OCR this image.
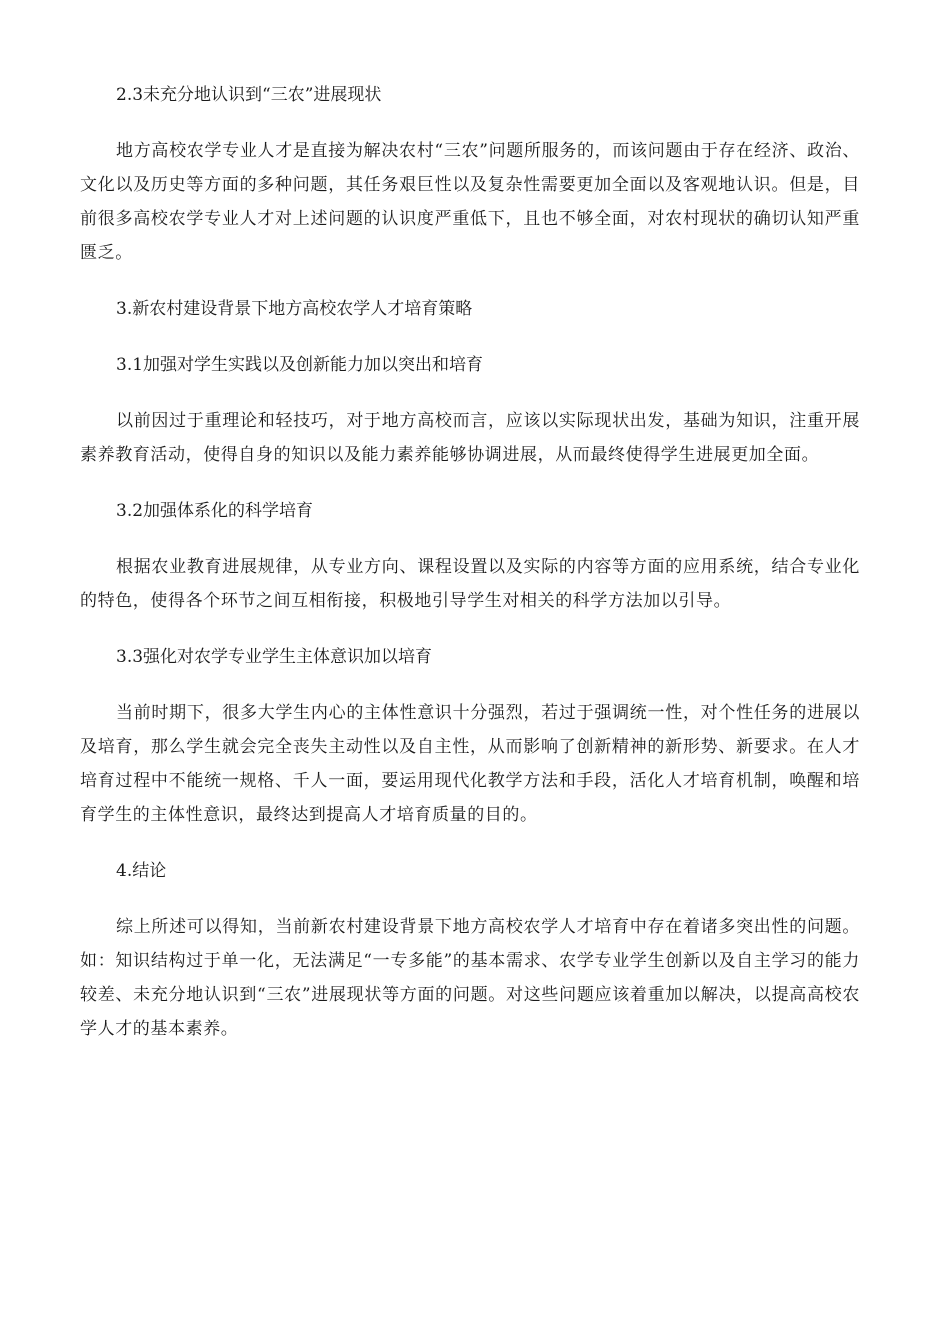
2.3未充分地认识到“三农”进展现状

地方高校农学专业人才是直接为解决农村“三农”问题所服务的，而该问题由于存在经济、政治、文化以及历史等方面的多种问题，其任务艰巨性以及复杂性需要更加全面以及客观地认识。但是，目前很多高校农学专业人才对上述问题的认识度严重低下，且也不够全面，对农村现状的确切认知严重匮乏。

3.新农村建设背景下地方高校农学人才培育策略

3.1加强对学生实践以及创新能力加以突出和培育

以前因过于重理论和轻技巧，对于地方高校而言，应该以实际现状出发，基础为知识，注重开展素养教育活动，使得自身的知识以及能力素养能够协调进展，从而最终使得学生进展更加全面。

3.2加强体系化的科学培育

根据农业教育进展规律，从专业方向、课程设置以及实际的内容等方面的应用系统，结合专业化的特色，使得各个环节之间互相衔接，积极地引导学生对相关的科学方法加以引导。

3.3强化对农学专业学生主体意识加以培育

当前时期下，很多大学生内心的主体性意识十分强烈，若过于强调统一性，对个性任务的进展以及培育，那么学生就会完全丧失主动性以及自主性，从而影响了创新精神的新形势、新要求。在人才培育过程中不能统一规格、千人一面，要运用现代化教学方法和手段，活化人才培育机制，唤醒和培育学生的主体性意识，最终达到提高人才培育质量的目的。

4.结论

综上所述可以得知，当前新农村建设背景下地方高校农学人才培育中存在着诸多突出性的问题。如：知识结构过于单一化，无法满足“一专多能”的基本需求、农学专业学生创新以及自主学习的能力较差、未充分地认识到“三农”进展现状等方面的问题。对这些问题应该着重加以解决，以提高高校农学人才的基本素养。
